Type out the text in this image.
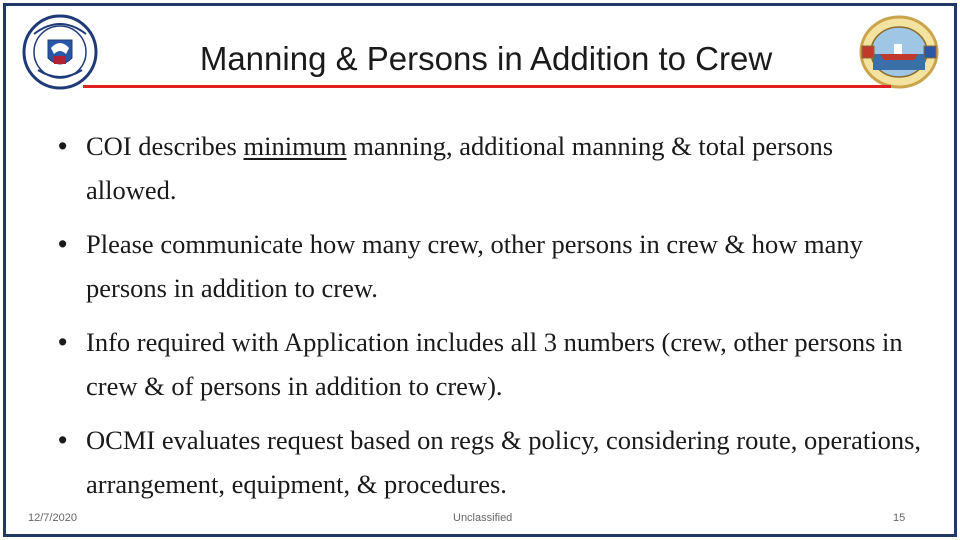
Manning & Persons in Addition to Crew
• COI describes minimum manning, additional manning & total persons allowed.
• Please communicate how many crew, other persons in crew & how many persons in addition to crew.
• Info required with Application includes all 3 numbers (crew, other persons in crew & of persons in addition to crew).
• OCMI evaluates request based on regs & policy, considering route, operations, arrangement, equipment, & procedures.
12/7/2020	Unclassified	15
